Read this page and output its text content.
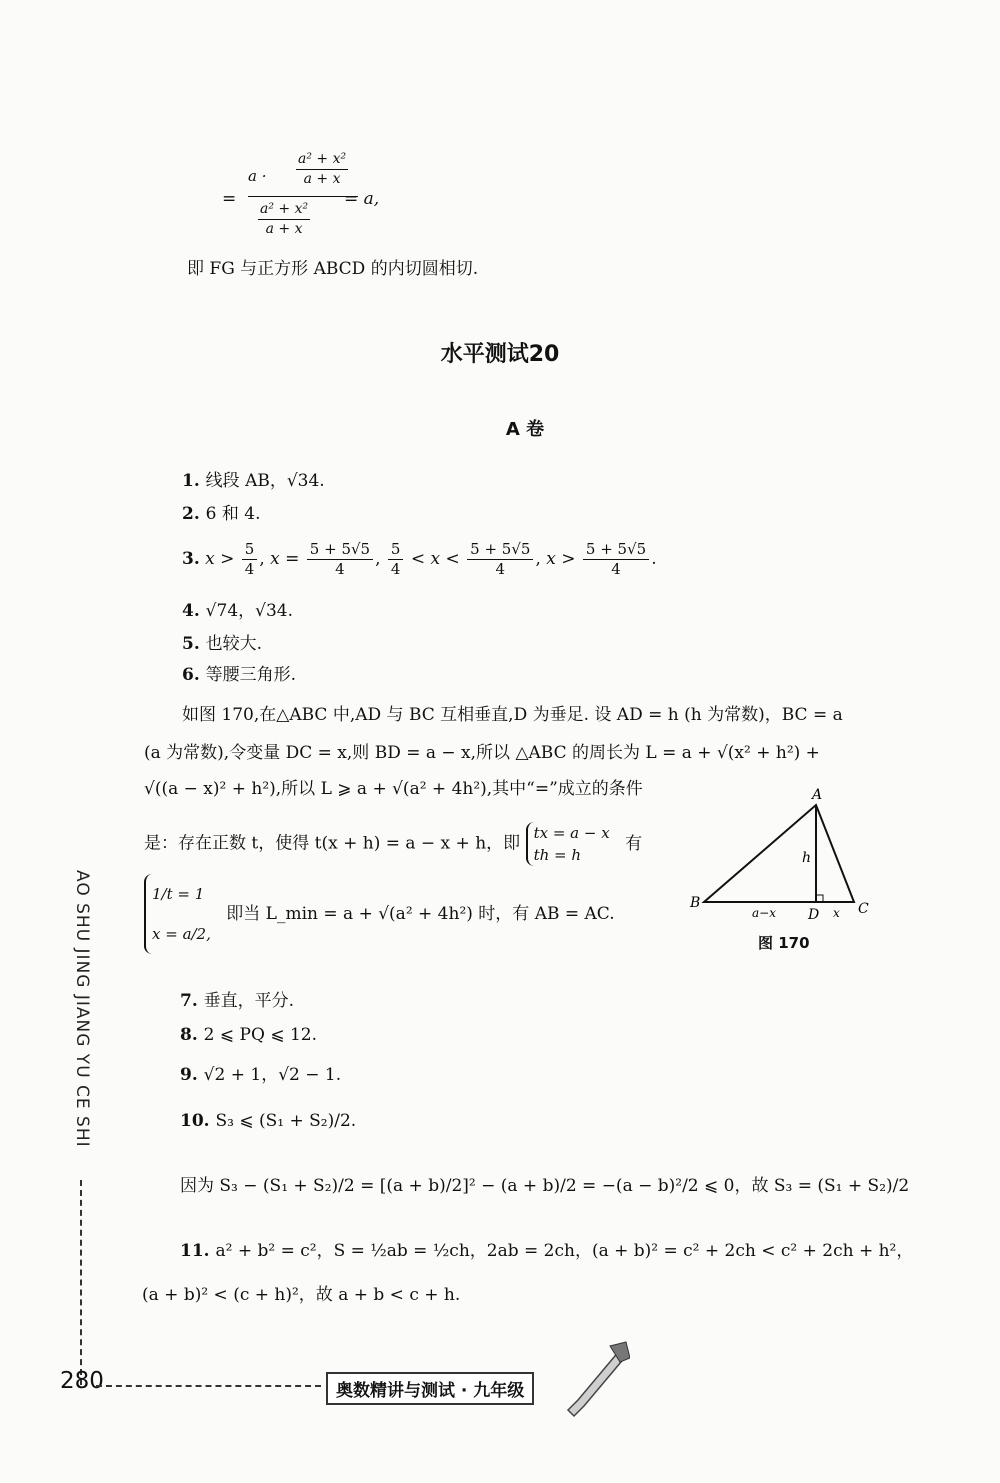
=
$a \cdot \frac{\text{a² + x²}}{a + x}$
$\frac{\text{a² + x²}}{a + x}$
= a,
即 FG 与正方形 ABCD 的内切圆相切.
水平测试20
A 卷
1. 线段 AB，√34.
2. 6 和 4.
3. $x > \frac{5}{4}$ , $x = \frac{5 + 5√5}{4}$ , $\frac{5}{4} < x < \frac{5 + 5√5}{4}$ , $x > \frac{5 + 5√5}{4}$ .
4. √74，√34.
5. 也较大.
6. 等腰三角形.
如图 170,在△ABC 中,AD 与 BC 互相垂直,D 为垂足. 设 AD = h (h 为常数)，BC = a
(a 为常数),令变量 DC = x,则 BD = a − x,所以 △ABC 的周长为 L = a + √(x² + h²) +
√((a − x)² + h²),所以 L ⩾ a + √(a² + 4h²),其中“=”成立的条件
是：存在正数 t，使得 t(x + h) = a − x + h，即
tx = a − x
th = h
有
1/t = 1
x = a/2,
即当 L_min = a + √(a² + 4h²) 时，有 AB = AC.
A
B	C
D
h
a−x	x
图 170
7. 垂直，平分.
8. 2 ⩽ PQ ⩽ 12.
9. √2 + 1，√2 − 1.
10. S₃ ⩽ (S₁ + S₂)/2.
因为 S₃ − (S₁ + S₂)/2 = [(a + b)/2]² − (a + b)/2 = −(a − b)²/2 ⩽ 0，故 S₃ = (S₁ + S₂)/2
11. a² + b² = c²，S = ½ab = ½ch，2ab = 2ch，(a + b)² = c² + 2ch < c² + 2ch + h²，
(a + b)² < (c + h)²，故 a + b < c + h.
AO SHU JING JIANG YU CE SHI
280	奥数精讲与测试 · 九年级
